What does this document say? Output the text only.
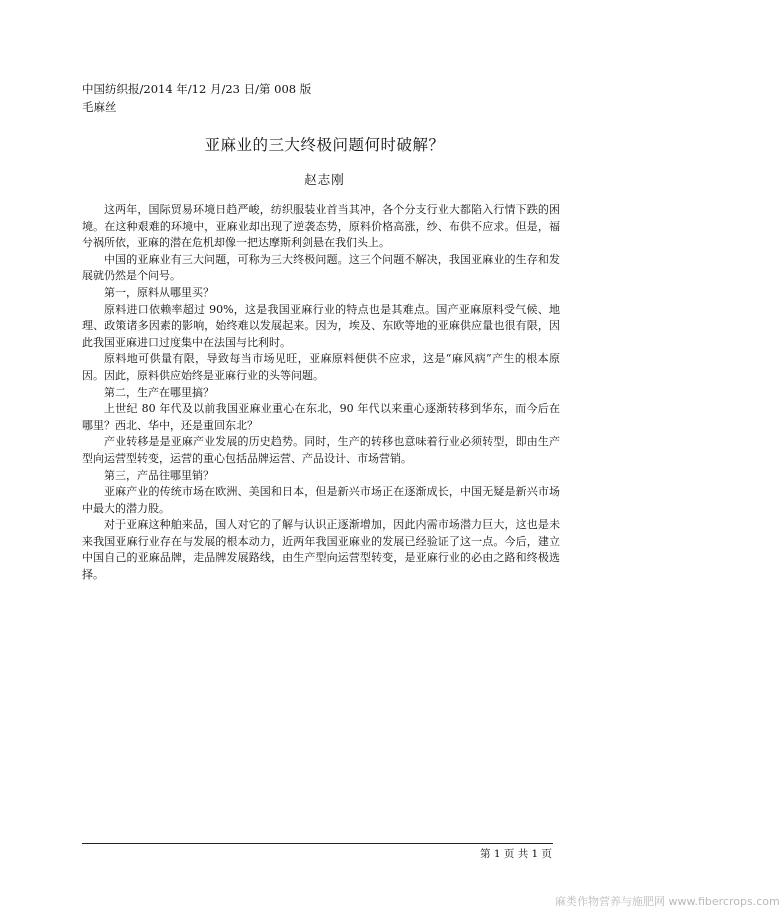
中国纺织报/2014 年/12 月/23 日/第 008 版
毛麻丝
亚麻业的三大终极问题何时破解？
赵志刚

这两年，国际贸易环境日趋严峻，纺织服装业首当其冲，各个分支行业大都陷入行情下跌的困境。在这种艰难的环境中，亚麻业却出现了逆袭态势，原料价格高涨，纱、布供不应求。但是，福兮祸所依，亚麻的潜在危机却像一把达摩斯利剑悬在我们头上。

中国的亚麻业有三大问题，可称为三大终极问题。这三个问题不解决，我国亚麻业的生存和发展就仍然是个问号。

第一，原料从哪里买？

原料进口依赖率超过 90%，这是我国亚麻行业的特点也是其难点。国产亚麻原料受气候、地理、政策诸多因素的影响，始终难以发展起来。因为，埃及、东欧等地的亚麻供应量也很有限，因此我国亚麻进口过度集中在法国与比利时。

原料地可供量有限，导致每当市场见旺，亚麻原料便供不应求，这是“麻风病”产生的根本原因。因此，原料供应始终是亚麻行业的头等问题。

第二，生产在哪里搞？

上世纪 80 年代及以前我国亚麻业重心在东北，90 年代以来重心逐渐转移到华东，而今后在哪里？西北、华中，还是重回东北？

产业转移是是亚麻产业发展的历史趋势。同时，生产的转移也意味着行业必须转型，即由生产型向运营型转变，运营的重心包括品牌运营、产品设计、市场营销。

第三，产品往哪里销？

亚麻产业的传统市场在欧洲、美国和日本，但是新兴市场正在逐渐成长，中国无疑是新兴市场中最大的潜力股。

对于亚麻这种舶来品，国人对它的了解与认识正逐渐增加，因此内需市场潜力巨大，这也是未来我国亚麻行业存在与发展的根本动力，近两年我国亚麻业的发展已经验证了这一点。今后，建立中国自己的亚麻品牌，走品牌发展路线，由生产型向运营型转变，是亚麻行业的必由之路和终极选择。

第 1 页 共 1 页
麻类作物营养与施肥网 www.fibercrops.com
